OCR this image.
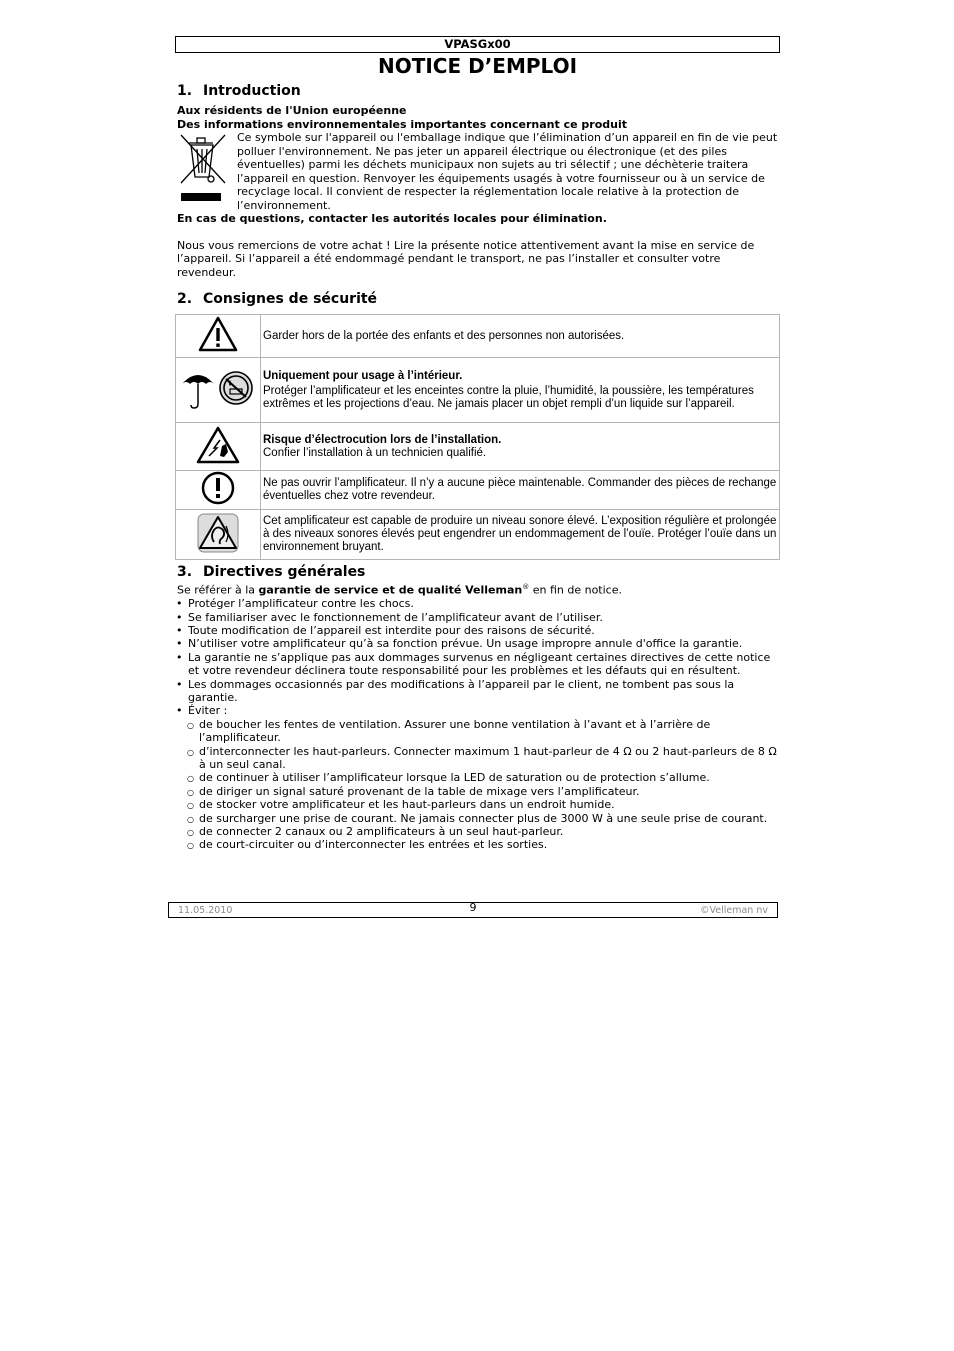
VPASGx00
NOTICE D’EMPLOI
1. Introduction

Aux résidents de l'Union européenne

Des informations environnementales importantes concernant ce produit

Ce symbole sur l'appareil ou l'emballage indique que l’élimination d’un appareil en fin de vie peut polluer l'environnement. Ne pas jeter un appareil électrique ou électronique (et des piles éventuelles) parmi les déchets municipaux non sujets au tri sélectif ; une déchèterie traitera l’appareil en question. Renvoyer les équipements usagés à votre fournisseur ou à un service de recyclage local. Il convient de respecter la réglementation locale relative à la protection de l’environnement.

En cas de questions, contacter les autorités locales pour élimination.

Nous vous remercions de votre achat ! Lire la présente notice attentivement avant la mise en service de l’appareil. Si l’appareil a été endommagé pendant le transport, ne pas l’installer et consulter votre revendeur.

2. Consignes de sécurité

Garder hors de la portée des enfants et des personnes non autorisées.

Uniquement pour usage à l’intérieur.
Protéger l’amplificateur et les enceintes contre la pluie, l’humidité, la poussière, les températures extrêmes et les projections d’eau. Ne jamais placer un objet rempli d’un liquide sur l’appareil.

Risque d’électrocution lors de l’installation.
Confier l’installation à un technicien qualifié.

Ne pas ouvrir l’amplificateur. Il n’y a aucune pièce maintenable. Commander des pièces de rechange éventuelles chez votre revendeur.

Cet amplificateur est capable de produire un niveau sonore élevé. L’exposition régulière et prolongée à des niveaux sonores élevés peut engendrer un endommagement de l’ouïe. Protéger l’ouïe dans un environnement bruyant.
3. Directives générales

Se référer à la garantie de service et de qualité Velleman® en fin de notice.

• Protéger l’amplificateur contre les chocs.
• Se familiariser avec le fonctionnement de l’amplificateur avant de l’utiliser.
• Toute modification de l’appareil est interdite pour des raisons de sécurité.
• N’utiliser votre amplificateur qu’à sa fonction prévue. Un usage impropre annule d'office la garantie.
• La garantie ne s’applique pas aux dommages survenus en négligeant certaines directives de cette notice et votre revendeur déclinera toute responsabilité pour les problèmes et les défauts qui en résultent.
• Les dommages occasionnés par des modifications à l’appareil par le client, ne tombent pas sous la garantie.
• Éviter :
○ de boucher les fentes de ventilation. Assurer une bonne ventilation à l’avant et à l’arrière de l’amplificateur.
○ d’interconnecter les haut-parleurs. Connecter maximum 1 haut-parleur de 4 Ω ou 2 haut-parleurs de 8 Ω à un seul canal.
○ de continuer à utiliser l’amplificateur lorsque la LED de saturation ou de protection s’allume.
○ de diriger un signal saturé provenant de la table de mixage vers l’amplificateur.
○ de stocker votre amplificateur et les haut-parleurs dans un endroit humide.
○ de surcharger une prise de courant. Ne jamais connecter plus de 3000 W à une seule prise de courant.
○ de connecter 2 canaux ou 2 amplificateurs à un seul haut-parleur.
○ de court-circuiter ou d’interconnecter les entrées et les sorties.
11.05.2010	9	©Velleman nv
